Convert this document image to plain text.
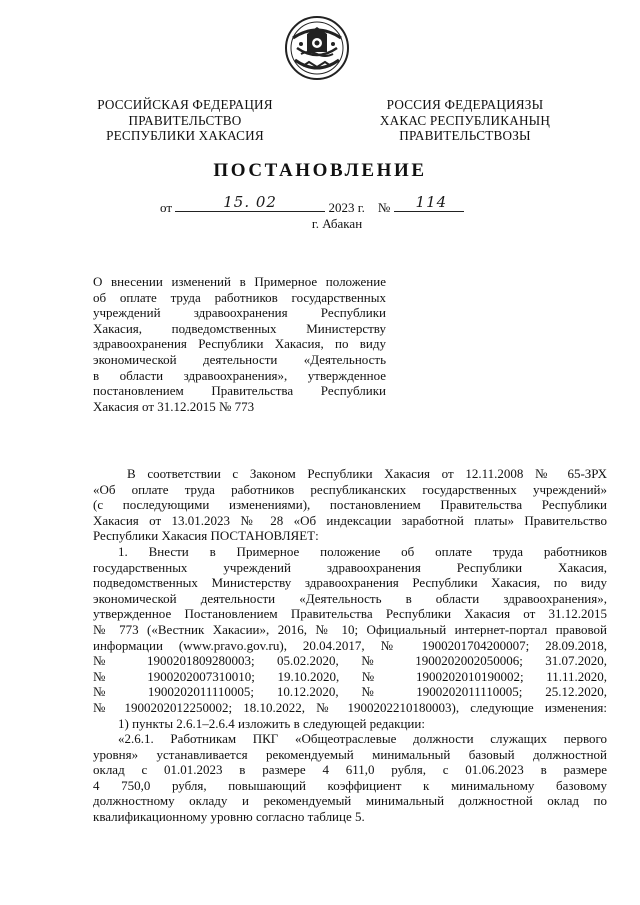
РОССИЙСКАЯ ФЕДЕРАЦИЯ
ПРАВИТЕЛЬСТВО
РЕСПУБЛИКИ ХАКАСИЯ
РОССИЯ ФЕДЕРАЦИЯЗЫ
ХАКАС РЕСПУБЛИКАНЫҢ
ПРАВИТЕЛЬСТВОЗЫ
ПОСТАНОВЛЕНИЕ
от	15. 02	2023 г. № 114
г. Абакан
О внесении изменений в Примерное положение
об оплате труда работников государственных
учреждений здравоохранения Республики
Хакасия, подведомственных Министерству
здравоохранения Республики Хакасия, по виду
экономической деятельности «Деятельность
в области здравоохранения», утвержденное
постановлением Правительства Республики
Хакасия от 31.12.2015 № 773
В соответствии с Законом Республики Хакасия от 12.11.2008 № 65-ЗРХ
«Об оплате труда работников республиканских государственных учреждений»
(с последующими изменениями), постановлением Правительства Республики
Хакасия от 13.01.2023 № 28 «Об индексации заработной платы» Правительство
Республики Хакасия ПОСТАНОВЛЯЕТ:
1. Внести в Примерное положение об оплате труда работников
государственных учреждений здравоохранения Республики Хакасия,
подведомственных Министерству здравоохранения Республики Хакасия, по виду
экономической деятельности «Деятельность в области здравоохранения»,
утвержденное Постановлением Правительства Республики Хакасия от 31.12.2015
№ 773 («Вестник Хакасии», 2016, № 10; Официальный интернет-портал правовой
информации (www.pravo.gov.ru), 20.04.2017, № 1900201704200007; 28.09.2018,
№ 1900201809280003; 05.02.2020, № 1900202002050006; 31.07.2020,
№ 1900202007310010; 19.10.2020, № 1900202010190002; 11.11.2020,
№ 1900202011110005; 10.12.2020, № 1900202011110005; 25.12.2020,
№ 1900202012250002; 18.10.2022, № 1900202210180003), следующие изменения:
1) пункты 2.6.1–2.6.4 изложить в следующей редакции:
«2.6.1. Работникам ПКГ «Общеотраслевые должности служащих первого
уровня» устанавливается рекомендуемый минимальный базовый должностной
оклад с 01.01.2023 в размере 4 611,0 рубля, с 01.06.2023 в размере
4 750,0 рубля, повышающий коэффициент к минимальному базовому
должностному окладу и рекомендуемый минимальный должностной оклад по
квалификационному уровню согласно таблице 5.
